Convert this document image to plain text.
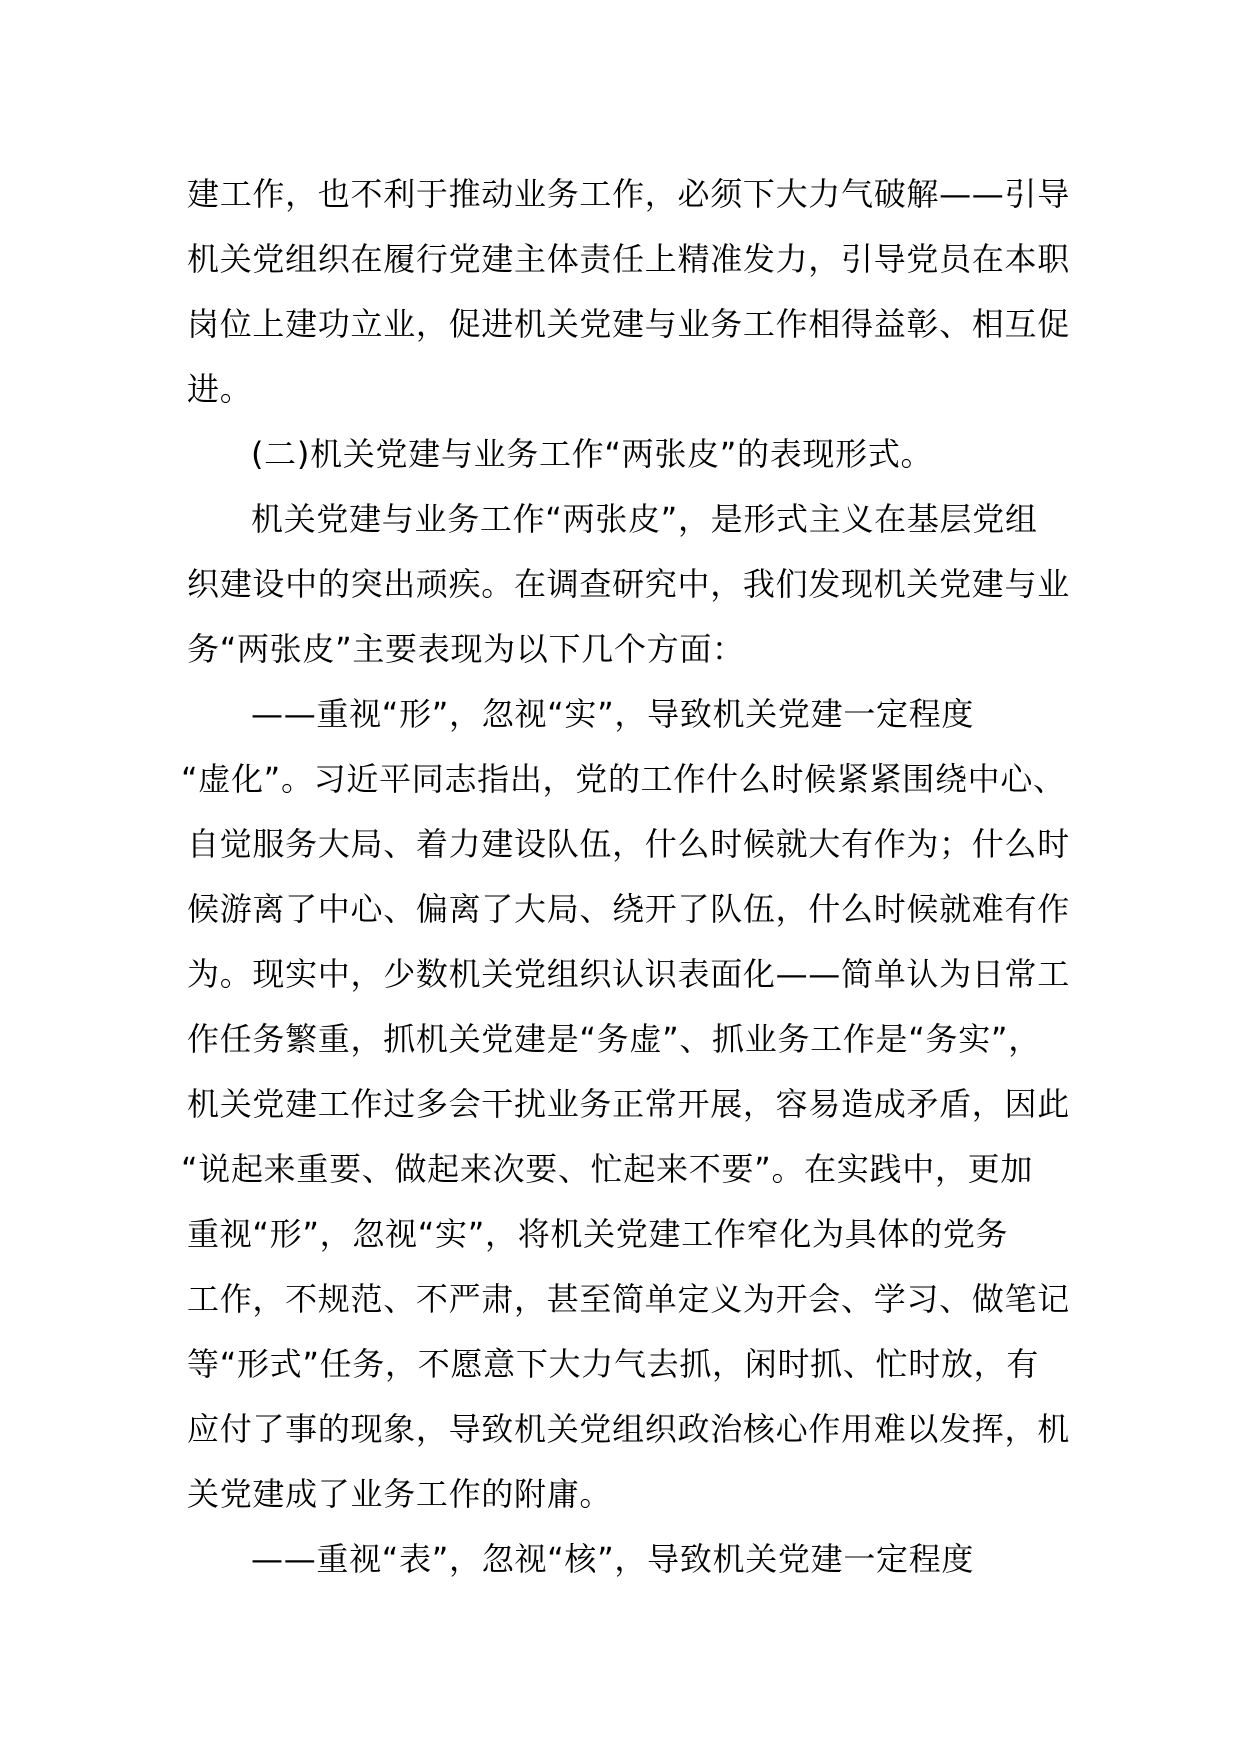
建工作，也不利于推动业务工作，必须下大力气破解——引导
机关党组织在履行党建主体责任上精准发力，引导党员在本职
岗位上建功立业，促进机关党建与业务工作相得益彰、相互促
进。

(二)机关党建与业务工作“两张皮”的表现形式。

机关党建与业务工作“两张皮”，是形式主义在基层党组
织建设中的突出顽疾。在调查研究中，我们发现机关党建与业
务“两张皮”主要表现为以下几个方面：

——重视“形”，忽视“实”，导致机关党建一定程度
“虚化”。习近平同志指出，党的工作什么时候紧紧围绕中心、
自觉服务大局、着力建设队伍，什么时候就大有作为；什么时
候游离了中心、偏离了大局、绕开了队伍，什么时候就难有作
为。现实中，少数机关党组织认识表面化——简单认为日常工
作任务繁重，抓机关党建是“务虚”、抓业务工作是“务实”，
机关党建工作过多会干扰业务正常开展，容易造成矛盾，因此
“说起来重要、做起来次要、忙起来不要”。在实践中，更加
重视“形”，忽视“实”，将机关党建工作窄化为具体的党务
工作，不规范、不严肃，甚至简单定义为开会、学习、做笔记
等“形式”任务，不愿意下大力气去抓，闲时抓、忙时放，有
应付了事的现象，导致机关党组织政治核心作用难以发挥，机
关党建成了业务工作的附庸。

——重视“表”，忽视“核”，导致机关党建一定程度
